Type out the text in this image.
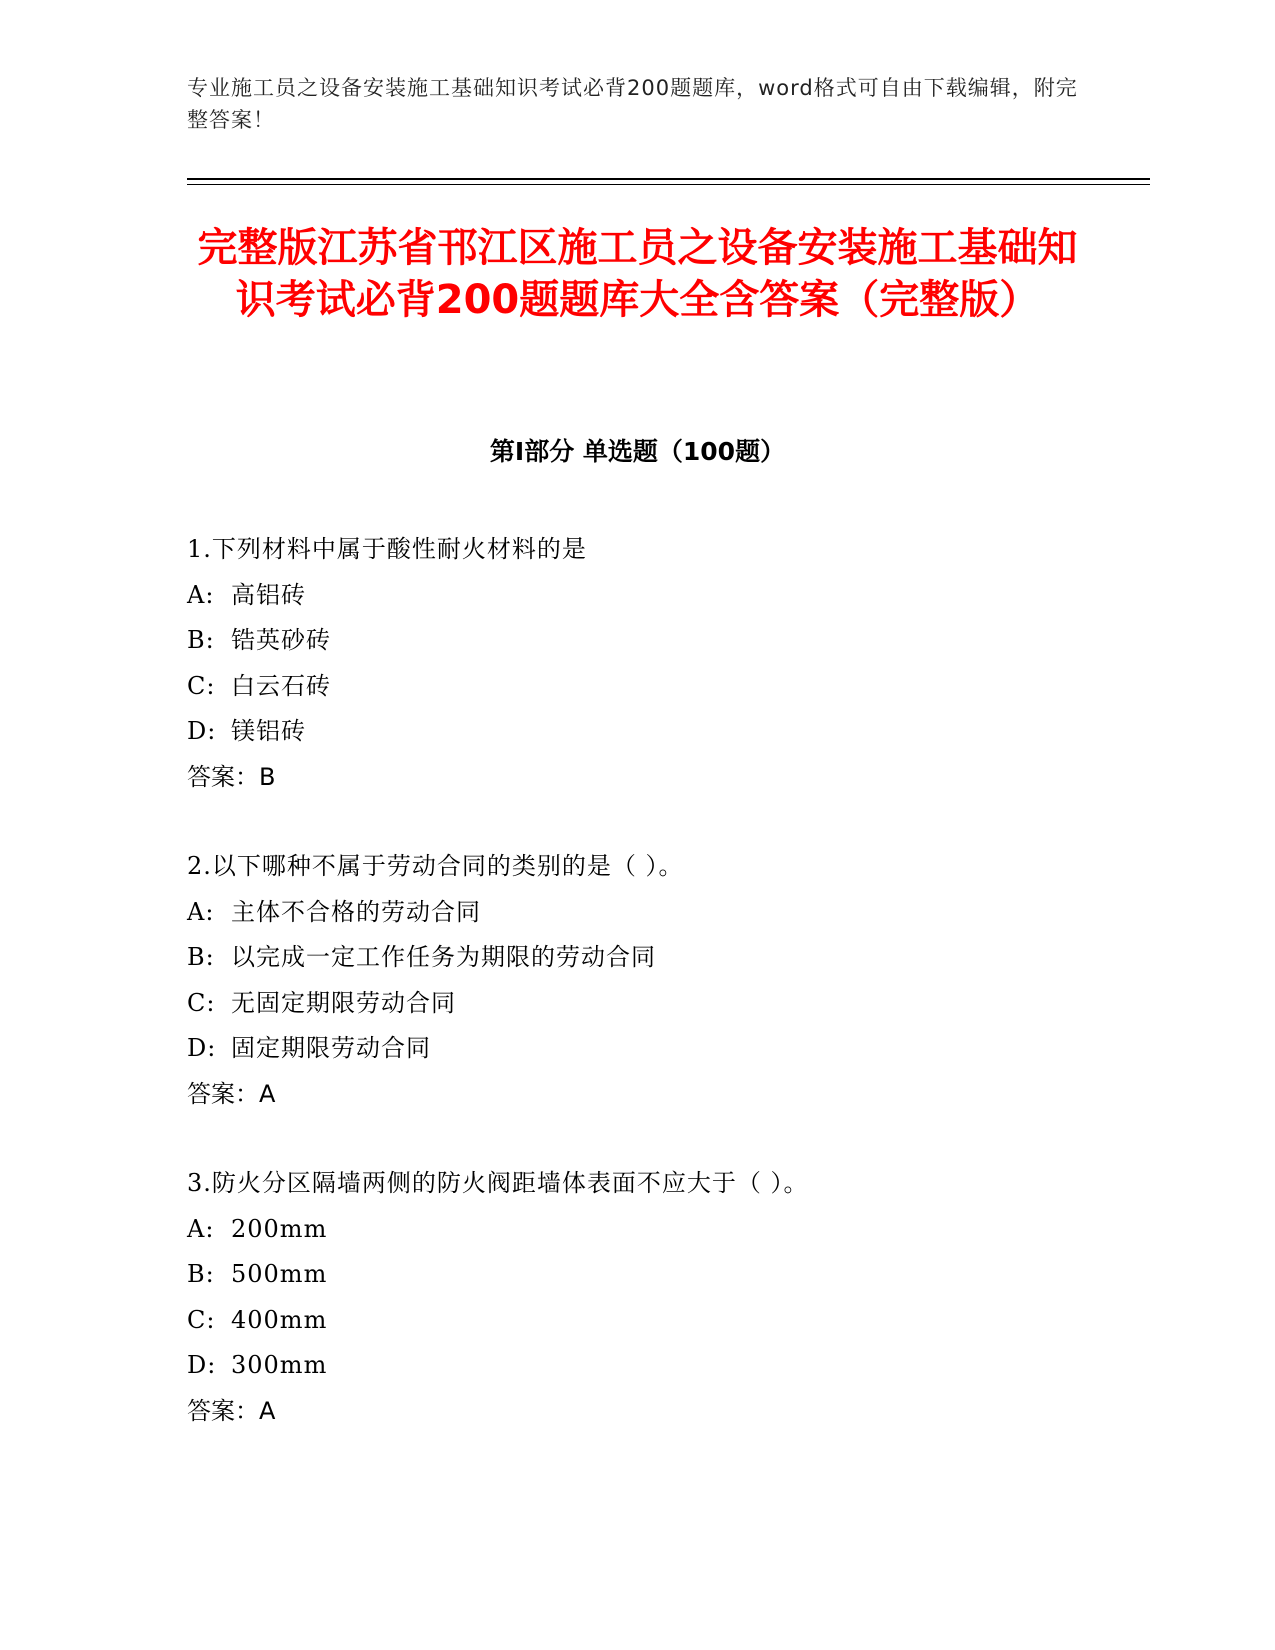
专业施工员之设备安装施工基础知识考试必背200题题库，word格式可自由下载编辑，附完整答案！
完整版江苏省邗江区施工员之设备安装施工基础知识考试必背200题题库大全含答案（完整版）
第I部分 单选题（100题）
1.下列材料中属于酸性耐火材料的是
A: 高铝砖
B: 锆英砂砖
C: 白云石砖
D: 镁铝砖
答案：B
2.以下哪种不属于劳动合同的类别的是（ ）。
A: 主体不合格的劳动合同
B: 以完成一定工作任务为期限的劳动合同
C: 无固定期限劳动合同
D: 固定期限劳动合同
答案：A
3.防火分区隔墙两侧的防火阀距墙体表面不应大于（ ）。
A: 200mm
B: 500mm
C: 400mm
D: 300mm
答案：A
